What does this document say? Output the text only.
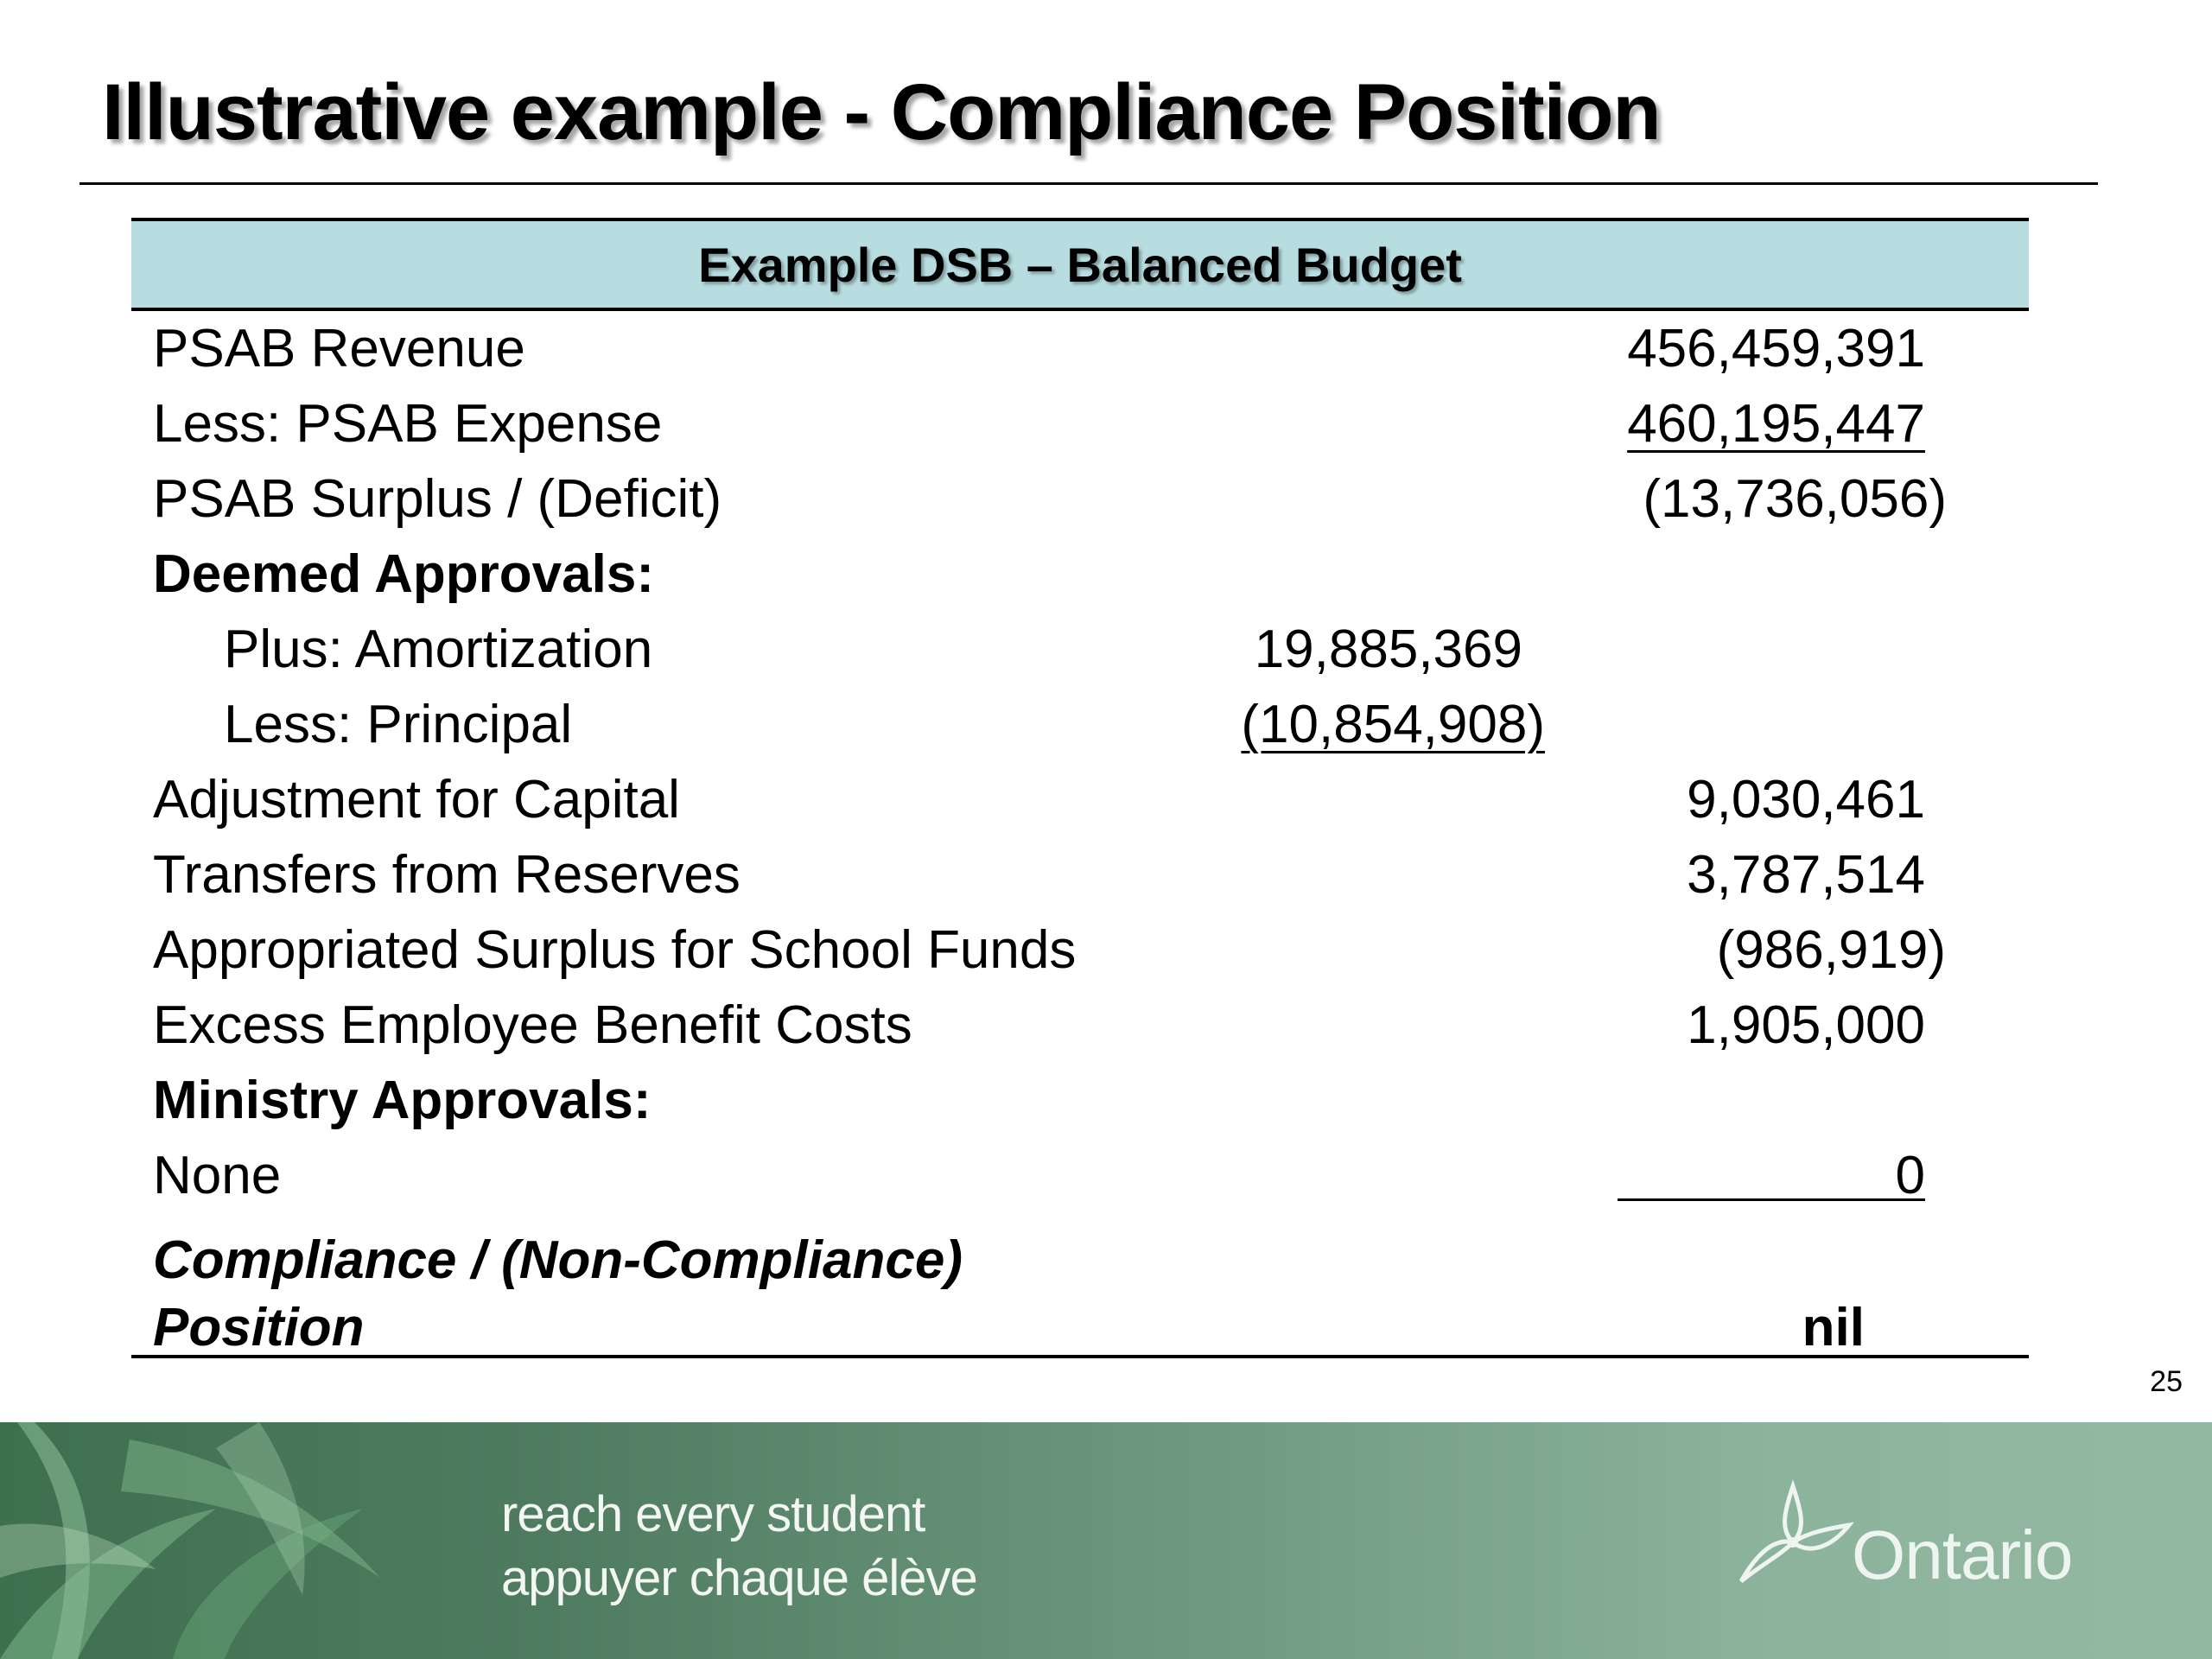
Illustrative example - Compliance Position
Example DSB – Balanced Budget
PSAB Revenue	456,459,391
Less: PSAB Expense	460,195,447
PSAB Surplus / (Deficit)	(13,736,056)
Deemed Approvals:
Plus: Amortization	19,885,369
Less: Principal	(10,854,908)
Adjustment for Capital	9,030,461
Transfers from Reserves	3,787,514
Appropriated Surplus for School Funds	(986,919)
Excess Employee Benefit Costs	1,905,000
Ministry Approvals:
None	0
Compliance / (Non-Compliance)
Position	nil
25
reach every student
appuyer chaque élève	Ontario
